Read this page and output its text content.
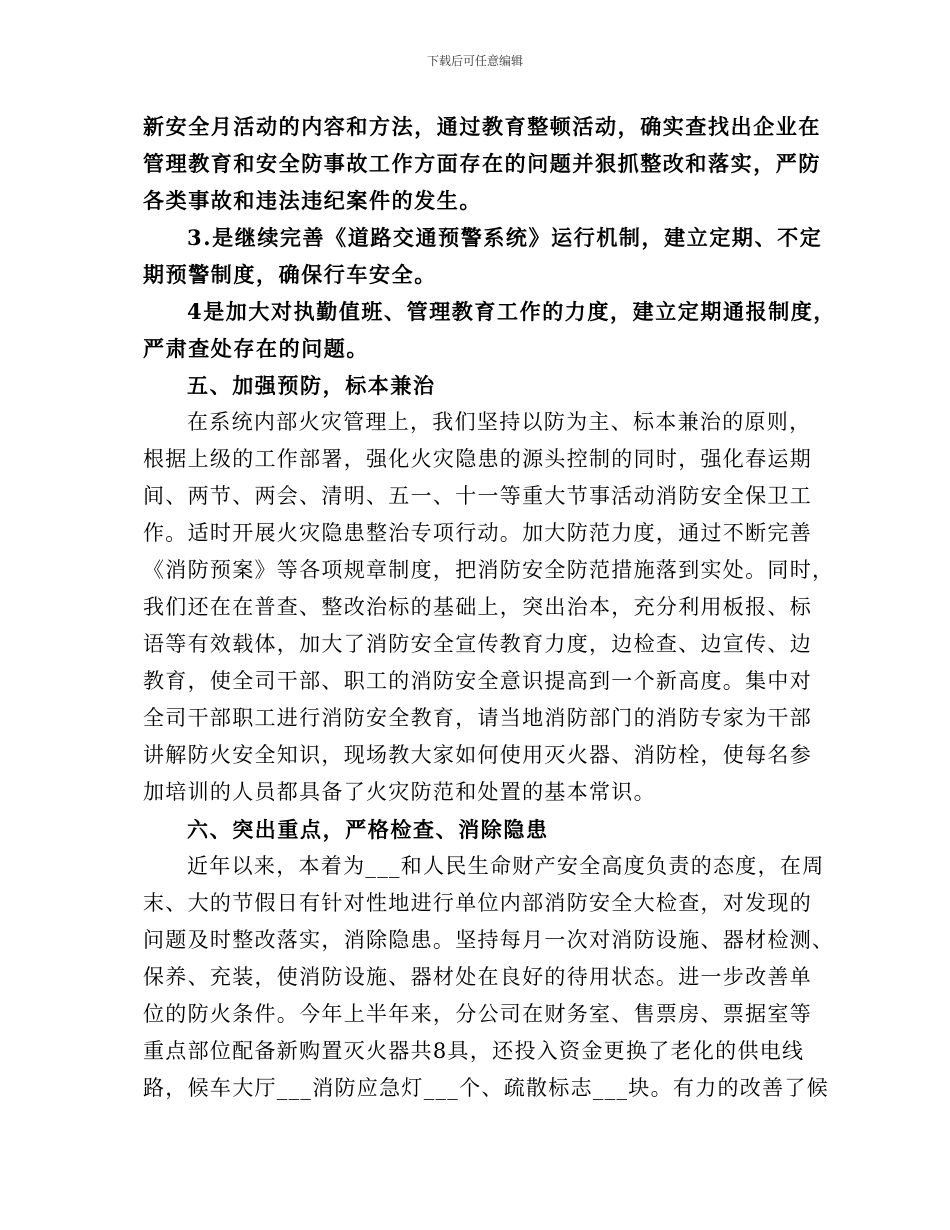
下载后可任意编辑
新安全月活动的内容和方法，通过教育整顿活动，确实查找出企业在
管理教育和安全防事故工作方面存在的问题并狠抓整改和落实，严防
各类事故和违法违纪案件的发生。
3.是继续完善《道路交通预警系统》运行机制，建立定期、不定
期预警制度，确保行车安全。
4是加大对执勤值班、管理教育工作的力度，建立定期通报制度，
严肃查处存在的问题。
五、加强预防，标本兼治
在系统内部火灾管理上，我们坚持以防为主、标本兼治的原则，
根据上级的工作部署，强化火灾隐患的源头控制的同时，强化春运期
间、两节、两会、清明、五一、十一等重大节事活动消防安全保卫工
作。适时开展火灾隐患整治专项行动。加大防范力度，通过不断完善
《消防预案》等各项规章制度，把消防安全防范措施落到实处。同时，
我们还在在普查、整改治标的基础上，突出治本，充分利用板报、标
语等有效载体，加大了消防安全宣传教育力度，边检查、边宣传、边
教育，使全司干部、职工的消防安全意识提高到一个新高度。集中对
全司干部职工进行消防安全教育，请当地消防部门的消防专家为干部
讲解防火安全知识，现场教大家如何使用灭火器、消防栓，使每名参
加培训的人员都具备了火灾防范和处置的基本常识。
六、突出重点，严格检查、消除隐患
近年以来，本着为___和人民生命财产安全高度负责的态度，在周
末、大的节假日有针对性地进行单位内部消防安全大检查，对发现的
问题及时整改落实，消除隐患。坚持每月一次对消防设施、器材检测、
保养、充装，使消防设施、器材处在良好的待用状态。进一步改善单
位的防火条件。今年上半年来，分公司在财务室、售票房、票据室等
重点部位配备新购置灭火器共8具，还投入资金更换了老化的供电线
路，候车大厅___消防应急灯___个、疏散标志___块。有力的改善了候
